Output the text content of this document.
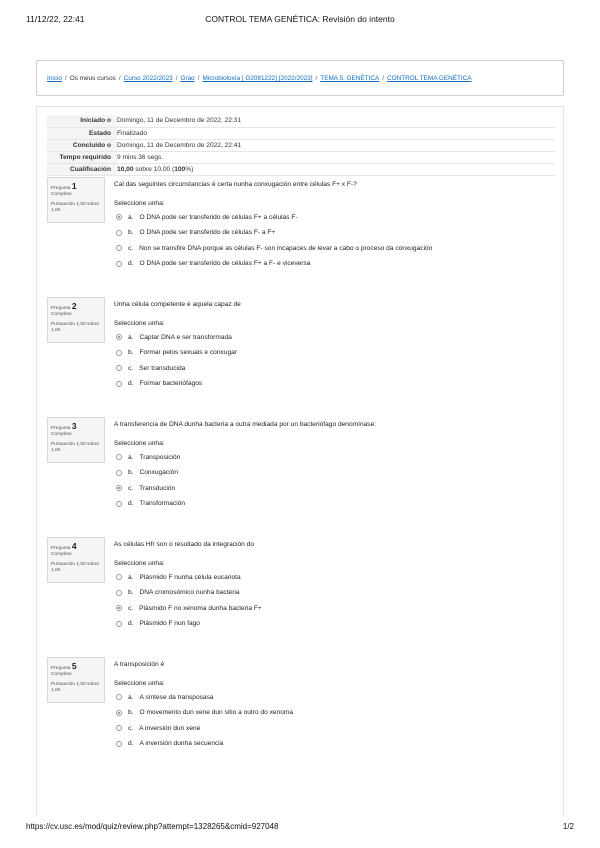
11/12/22, 22:41	CONTROL TEMA GENÉTICA: Revisión do intento
Inicio / Os meus cursos / Curso 2022/2023 / Grao / Microbioloxía | G2081222] [2022/2023] / TEMA 5. GENÉTICA / CONTROL TEMA GENÉTICA
Iniciado o	Domingo, 11 de Decembro de 2022, 22:31
Estado	Finalizado
Concluído o	Domingo, 11 de Decembro de 2022, 22:41
Tempo requirido	9 mins 36 segs.
Cualificación	10,00 sobre 10,00 (100%)
Pregunta 1
Completa
Puntuación 1,00 sobre 1,00
Cal das seguintes circunstancias é certa nunha conxugación entre células F+ x F-?
Seleccione unha:
a. O DNA pode ser transferido de células F+ a células F-
b. O DNA pode ser transferido de células F- a F+
c. Non se transfire DNA porque as células F- son incapaces de levar a cabo o proceso da conxugación
d. O DNA pode ser transferido de células F+ a F- e viceversa
Pregunta 2
Completa
Puntuación 1,00 sobre 1,00
Unha célula competente é aquela capaz de
Seleccione unha:
a. Captar DNA e ser transformada
b. Formar pelos sexuais e conxugar
c. Ser transducida
d. Formar bacteriófagos
Pregunta 3
Completa
Puntuación 1,00 sobre 1,00
A transferencia de DNA dunha bacteria a outra mediada por un bacteriófago denomínase:
Seleccione unha:
a. Transposición
b. Conxugación
c. Transdución
d. Transformación
Pregunta 4
Completa
Puntuación 1,00 sobre 1,00
As células Hfr son o resultado da integración do
Seleccione unha:
a. Plásmido F nunha célula eucariota
b. DNA cromosómico nunha bacteria
c. Plásmido F no xenoma dunha bacteria F+
d. Plásmido F nun fago
Pregunta 5
Completa
Puntuación 1,00 sobre 1,00
A transposición é
Seleccione unha:
a. A síntese da transposasa
b. O movemento dun xene dun sitio a outro do xenoma
c. A inversión dun xene
d. A inversión dunha secuencia
https://cv.usc.es/mod/quiz/review.php?attempt=1328265&cmid=927048	1/2
